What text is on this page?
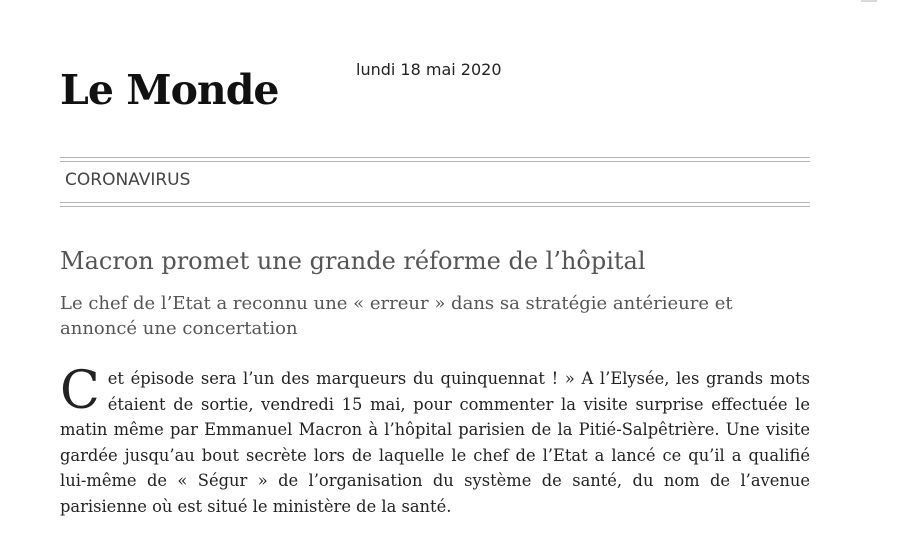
Le Monde	lundi 18 mai 2020
CORONAVIRUS
Macron promet une grande réforme de l’hôpital
Le chef de l’Etat a reconnu une « erreur » dans sa stratégie antérieure et annoncé une concertation
C et épisode sera l’un des marqueurs du quinquennat ! » A l’Elysée, les grands mots étaient de sortie, vendredi 15 mai, pour commenter la visite surprise effectuée le matin même par Emmanuel Macron à l’hôpital parisien de la Pitié-Salpêtrière. Une visite gardée jusqu’au bout secrète lors de laquelle le chef de l’Etat a lancé ce qu’il a qualifié lui-même de « Ségur » de l’organisation du système de santé, du nom de l’avenue parisienne où est situé le ministère de la santé.
